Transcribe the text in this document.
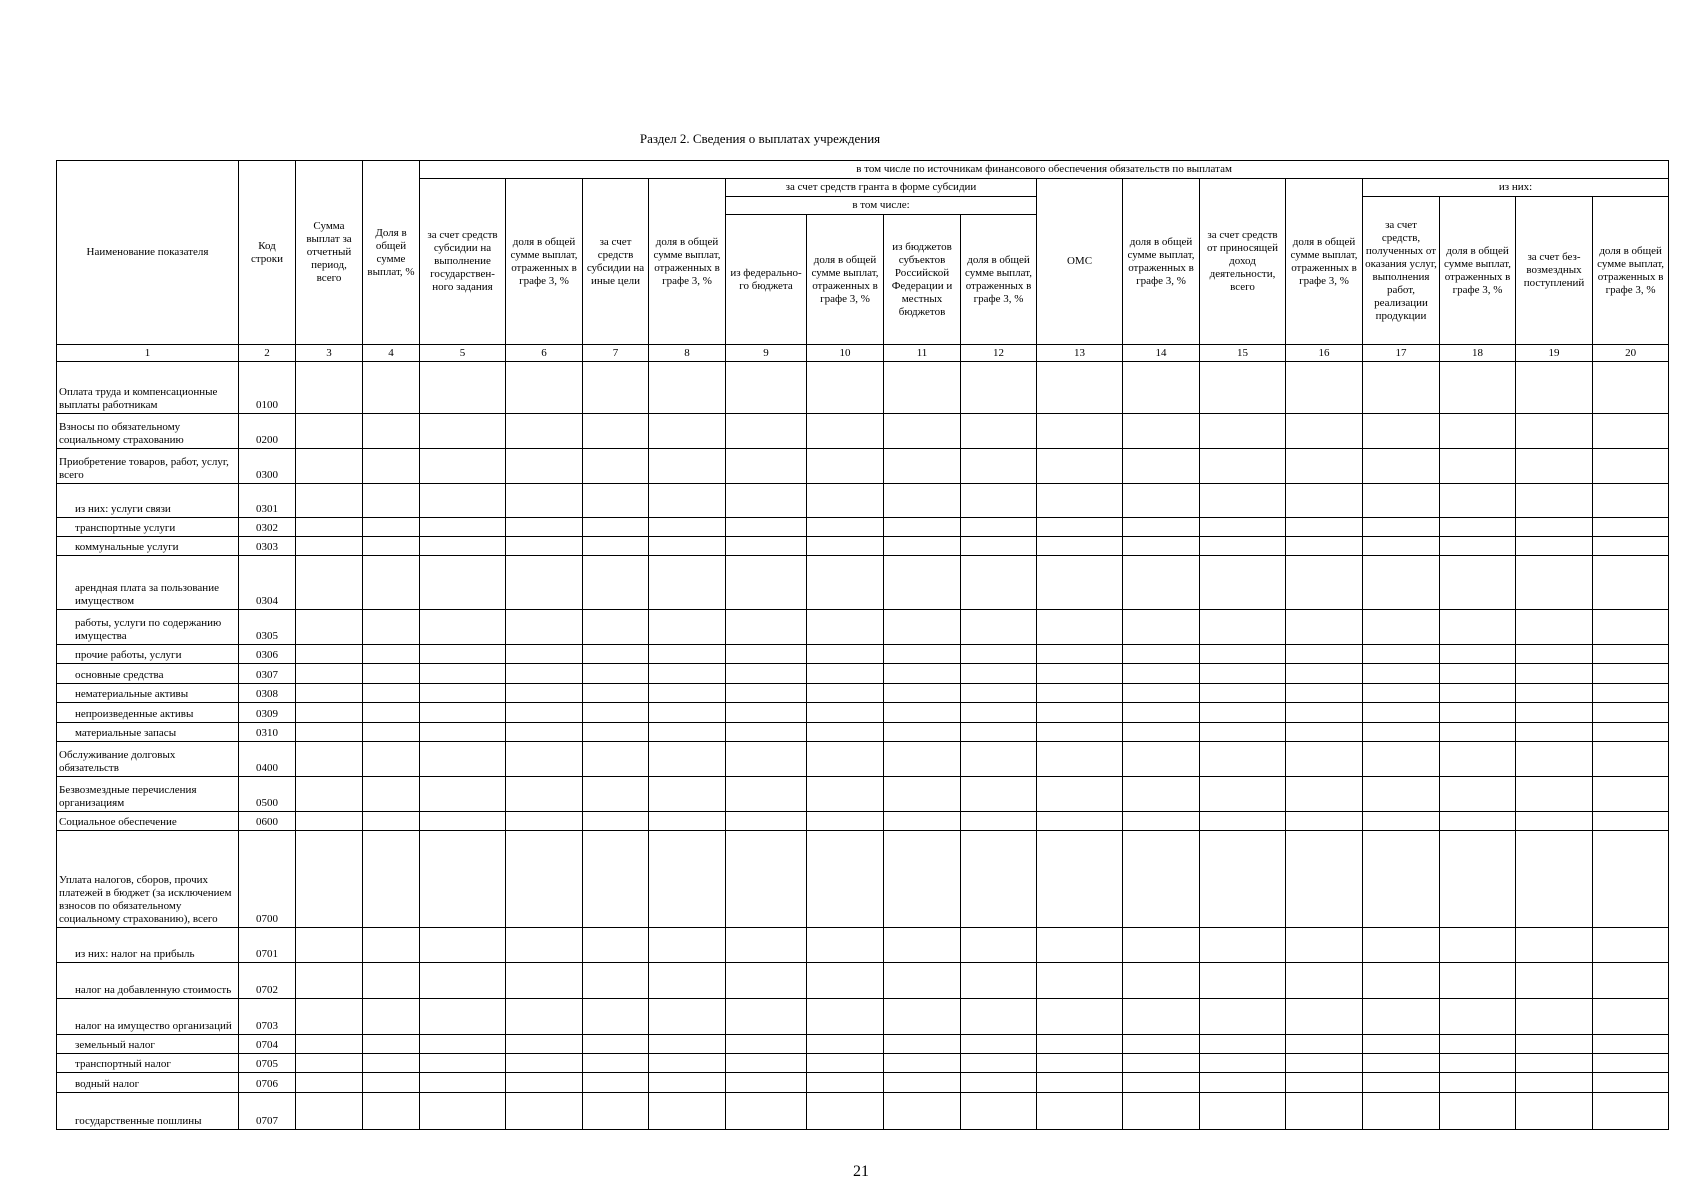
Раздел 2. Сведения о выплатах учреждения
Наименование показателя	Код строки	Сумма выплат за отчетный период, всего	Доля в общей сумме выплат, %	в том числе по источникам финансового обеспечения обязательств по выплатам															
				за счет средств субсидии на выполнение государствен-ного задания	доля в общей сумме выплат, отраженных в графе 3, %	за счет средств субсидии на иные цели	доля в общей сумме выплат, отраженных в графе 3, %	за счет средств гранта в форме субсидии				ОМС	доля в общей сумме выплат, отраженных в графе 3, %	за счет средств от приносящей доход деятельности, всего	доля в общей сумме выплат, отраженных в графе 3, %	из них:			
								в том числе:								за счет средств, полученных от оказания услуг, выполнения работ, реализации продукции	доля в общей сумме выплат, отраженных в графе 3, %	за счет без-возмездных поступлений	доля в общей сумме выплат, отраженных в графе 3, %
								из федерально-го бюджета	доля в общей сумме выплат, отраженных в графе 3, %	из бюджетов субъектов Российской Федерации и местных бюджетов	доля в общей сумме выплат, отраженных в графе 3, %								
1	2	3	4	5	6	7	8	9	10	11	12	13	14	15	16	17	18	19	20
Оплата труда и компенсационные выплаты работникам	0100																		
Взносы по обязательному социальному страхованию	0200																		
Приобретение товаров, работ, услуг, всего	0300																		
из них: услуги связи	0301																		
транспортные услуги	0302																		
коммунальные услуги	0303																		
арендная плата за пользование имуществом	0304																		
работы, услуги по содержанию имущества	0305																		
прочие работы, услуги	0306																		
основные средства	0307																		
нематериальные активы	0308																		
непроизведенные активы	0309																		
материальные запасы	0310																		
Обслуживание долговых обязательств	0400																		
Безвозмездные перечисления организациям	0500																		
Социальное обеспечение	0600																		
Уплата налогов, сборов, прочих платежей в бюджет (за исключением взносов по обязательному социальному страхованию), всего	0700																		
из них: налог на прибыль	0701																		
налог на добавленную стоимость	0702																		
налог на имущество организаций	0703																		
земельный налог	0704																		
транспортный налог	0705																		
водный налог	0706																		
государственные пошлины	0707																		
21
